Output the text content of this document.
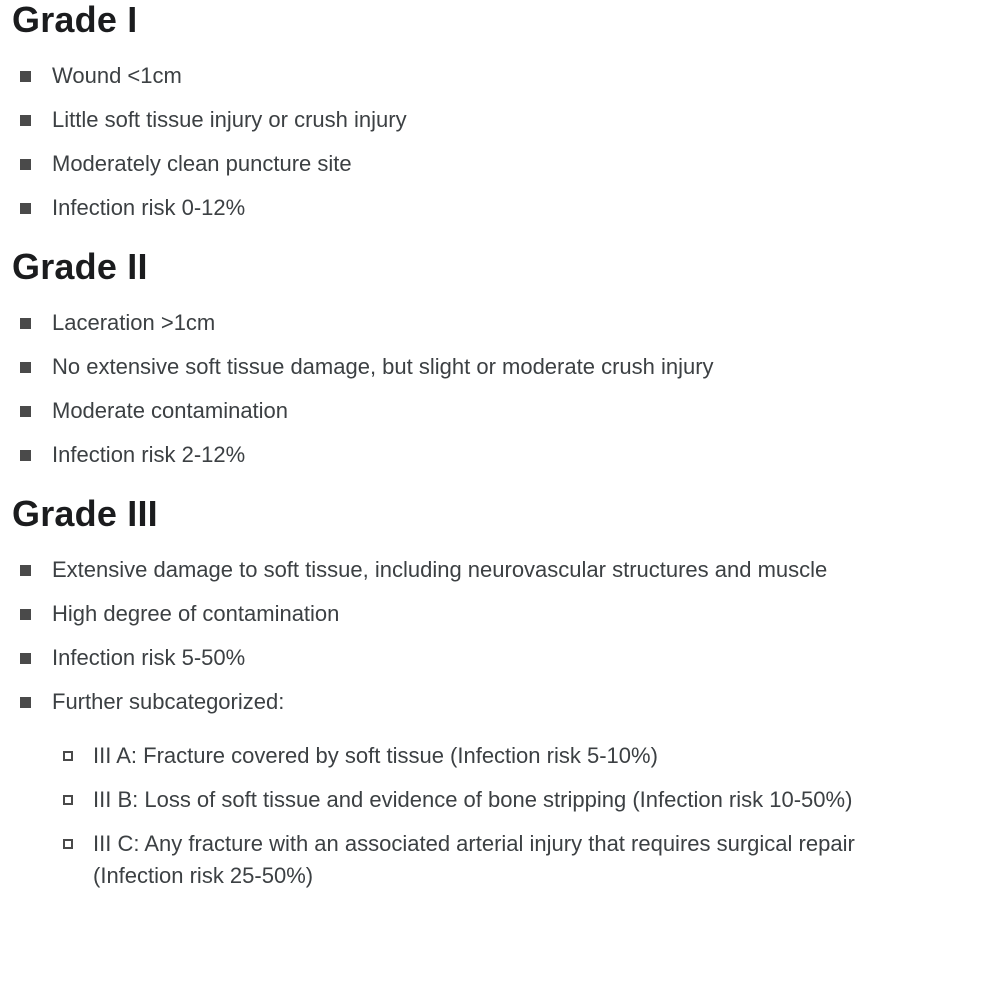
Grade I
Wound <1cm
Little soft tissue injury or crush injury
Moderately clean puncture site
Infection risk 0-12%
Grade II
Laceration >1cm
No extensive soft tissue damage, but slight or moderate crush injury
Moderate contamination
Infection risk 2-12%
Grade III
Extensive damage to soft tissue, including neurovascular structures and muscle
High degree of contamination
Infection risk 5-50%
Further subcategorized:
III A: Fracture covered by soft tissue (Infection risk 5-10%)
III B: Loss of soft tissue and evidence of bone stripping (Infection risk 10-50%)
III C: Any fracture with an associated arterial injury that requires surgical repair (Infection risk 25-50%)
